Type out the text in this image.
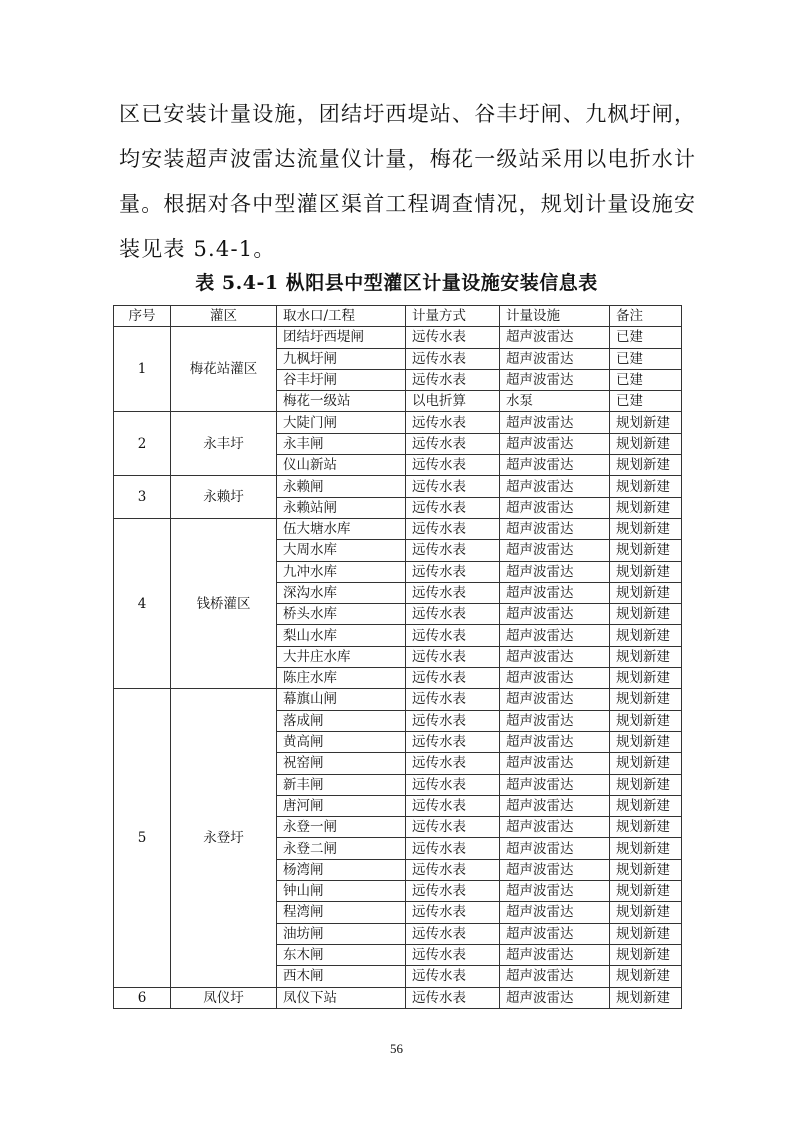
区已安装计量设施，团结圩西堤站、谷丰圩闸、九枫圩闸，
均安装超声波雷达流量仪计量，梅花一级站采用以电折水计
量。根据对各中型灌区渠首工程调查情况，规划计量设施安
装见表 5.4-1。
表 5.4-1 枞阳县中型灌区计量设施安装信息表
序号	灌区	取水口/工程	计量方式	计量设施	备注
1	梅花站灌区	团结圩西堤闸	远传水表	超声波雷达	已建
		九枫圩闸	远传水表	超声波雷达	已建
		谷丰圩闸	远传水表	超声波雷达	已建
		梅花一级站	以电折算	水泵	已建
2	永丰圩	大陡门闸	远传水表	超声波雷达	规划新建
		永丰闸	远传水表	超声波雷达	规划新建
		仪山新站	远传水表	超声波雷达	规划新建
3	永赖圩	永赖闸	远传水表	超声波雷达	规划新建
		永赖站闸	远传水表	超声波雷达	规划新建
4	钱桥灌区	伍大塘水库	远传水表	超声波雷达	规划新建
		大周水库	远传水表	超声波雷达	规划新建
		九冲水库	远传水表	超声波雷达	规划新建
		深沟水库	远传水表	超声波雷达	规划新建
		桥头水库	远传水表	超声波雷达	规划新建
		梨山水库	远传水表	超声波雷达	规划新建
		大井庄水库	远传水表	超声波雷达	规划新建
		陈庄水库	远传水表	超声波雷达	规划新建
5	永登圩	幕旗山闸	远传水表	超声波雷达	规划新建
		落成闸	远传水表	超声波雷达	规划新建
		黄高闸	远传水表	超声波雷达	规划新建
		祝窑闸	远传水表	超声波雷达	规划新建
		新丰闸	远传水表	超声波雷达	规划新建
		唐河闸	远传水表	超声波雷达	规划新建
		永登一闸	远传水表	超声波雷达	规划新建
		永登二闸	远传水表	超声波雷达	规划新建
		杨湾闸	远传水表	超声波雷达	规划新建
		钟山闸	远传水表	超声波雷达	规划新建
		程湾闸	远传水表	超声波雷达	规划新建
		油坊闸	远传水表	超声波雷达	规划新建
		东木闸	远传水表	超声波雷达	规划新建
		西木闸	远传水表	超声波雷达	规划新建
6	凤仪圩	凤仪下站	远传水表	超声波雷达	规划新建
56
